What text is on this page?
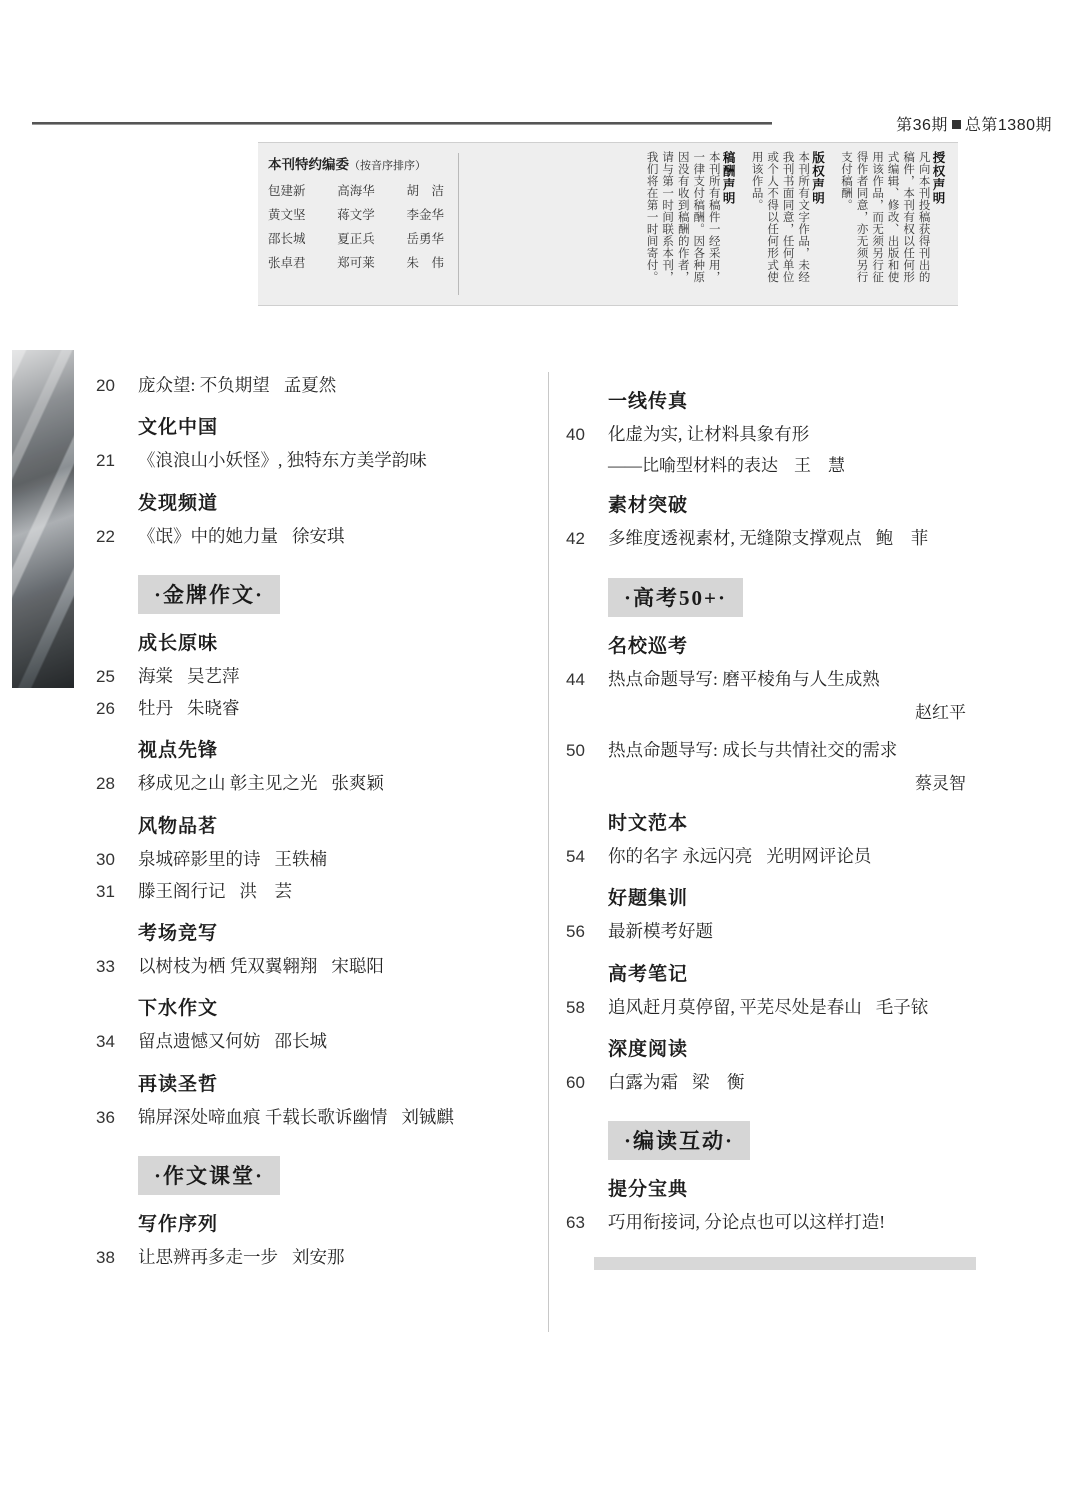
第36期 总第1380期
本刊特约编委（按音序排序）
包建新	高海华	胡　洁
黄文坚	蒋文学	李金华
邵长城	夏正兵	岳勇华
张卓君	郑可莱	朱　伟
授权声明
凡向本刊投稿获得刊出的稿件，本刊有权以任何形式编辑、修改、出版和使用该作品，而无须另行征得作者同意，亦无须另行支付稿酬。
版权声明
本刊所有文字作品，未经我刊书面同意，任何单位或个人不得以任何形式使用该作品。
稿酬声明
本刊所有稿件一经采用，一律支付稿酬。因各种原因没有收到稿酬的作者，请与第一时间联系本刊，我们将在第一时间寄付。
20	庞众望: 不负期望 孟夏然
文化中国
21	《浪浪山小妖怪》, 独特东方美学韵味
发现频道
22	《氓》中的她力量 徐安琪
·金牌作文·
成长原味
25	海棠 吴艺萍
26	牡丹 朱晓睿
视点先锋
28	移成见之山 彰主见之光 张爽颖
风物品茗
30	泉城碎影里的诗 王轶楠
31	滕王阁行记 洪　芸
考场竞写
33	以树枝为栖 凭双翼翱翔 宋聪阳
下水作文
34	留点遗憾又何妨 邵长城
再读圣哲
36	锦屏深处啼血痕 千载长歌诉幽情 刘铖麒
·作文课堂·
写作序列
38	让思辨再多走一步 刘安那
一线传真
40	化虚为实, 让材料具象有形
——比喻型材料的表达 王　慧
素材突破
42	多维度透视素材, 无缝隙支撑观点 鲍　菲
·高考50+·
名校巡考
44	热点命题导写: 磨平棱角与人生成熟
赵红平
50	热点命题导写: 成长与共情社交的需求
蔡灵智
时文范本
54	你的名字 永远闪亮 光明网评论员
好题集训
56	最新模考好题
高考笔记
58	追风赶月莫停留, 平芜尽处是春山 毛子铱
深度阅读
60	白露为霜 梁　衡
·编读互动·
提分宝典
63	巧用衔接词, 分论点也可以这样打造!
